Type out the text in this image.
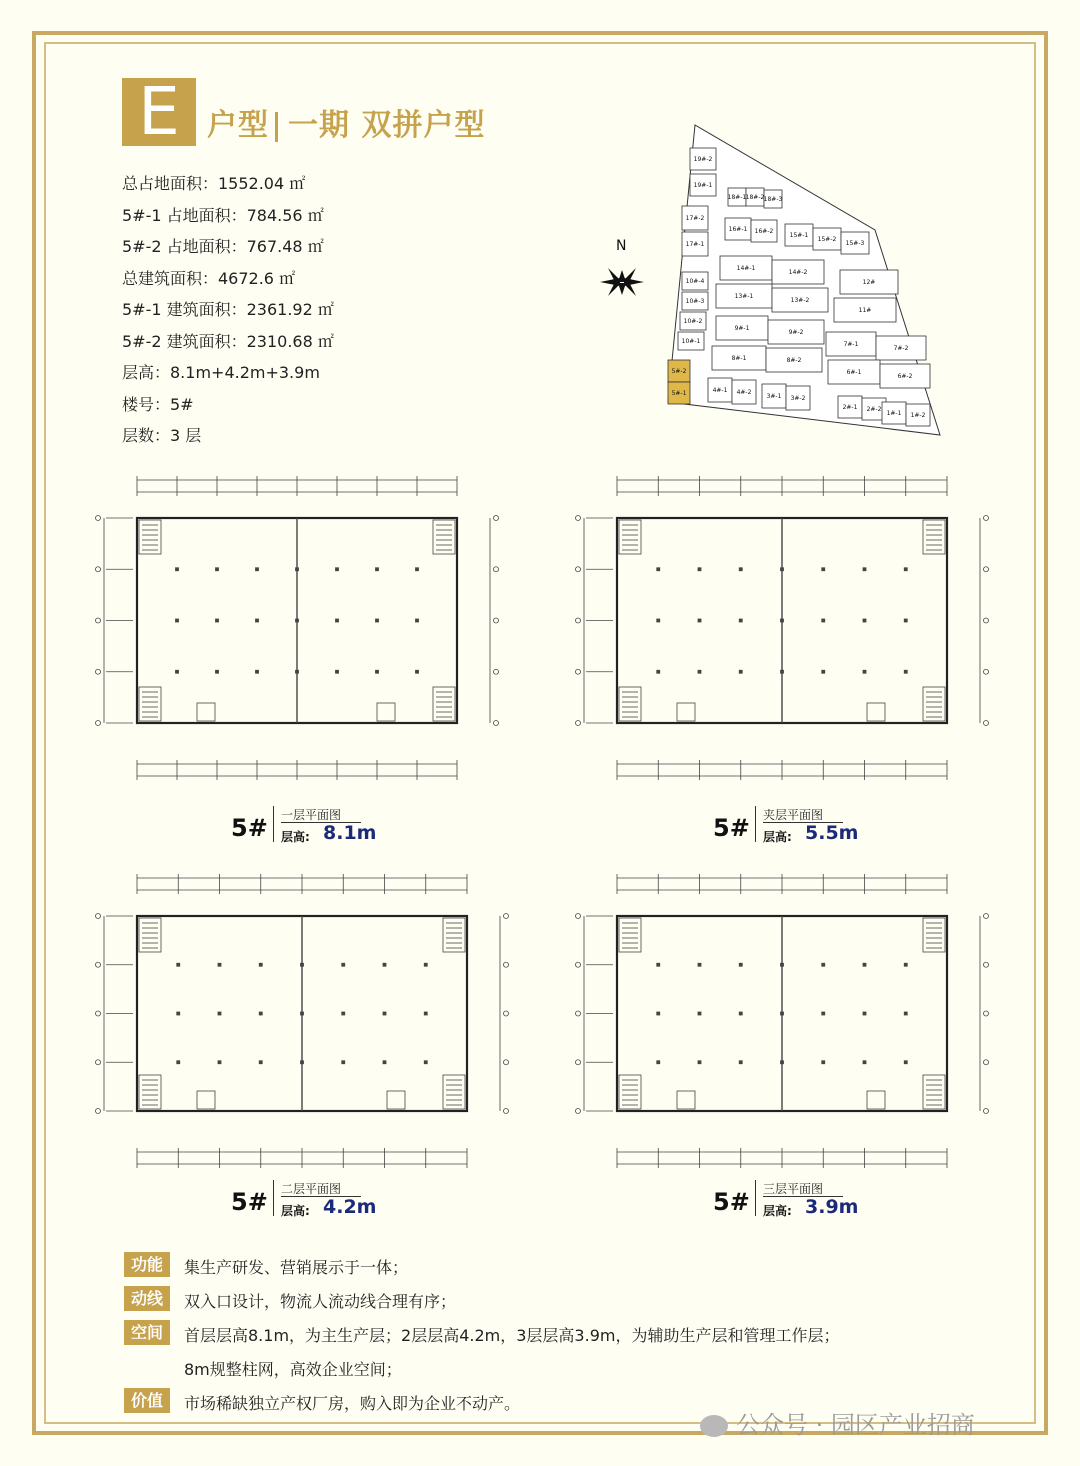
E 户型 一期 双拼户型
总占地面积：1552.04 ㎡
5#-1 占地面积：784.56 ㎡
5#-2 占地面积：767.48 ㎡
总建筑面积：4672.6 ㎡
5#-1 建筑面积：2361.92 ㎡
5#-2 建筑面积：2310.68 ㎡
层高：8.1m+4.2m+3.9m
楼号：5#
层数：3 层
N
19#-2
19#-1
18#-1 18#-2 18#-3
17#-2
17#-1
16#-1 16#-2
15#-1
15#-2
15#-3
10#-4
10#-3
10#-2
10#-1
14#-1
14#-2
12#
13#-1
13#-2
11#
9#-1
9#-2
7#-1
7#-2
8#-1	8#-2
6#-1
6#-2
4#-1 4#-2
3#-1 3#-2
2#-1 2#-2
1#-1 1#-2
5#-2
5#-1
5# 一层平面图
层高: 8.1m	5# 夹层平面图
层高: 5.5m
5# 二层平面图
层高: 4.2m	5# 三层平面图
层高: 3.9m
功能	集生产研发、营销展示于一体；
动线	双入口设计，物流人流动线合理有序；
空间	首层层高8.1m，为主生产层；2层层高4.2m，3层层高3.9m，为辅助生产层和管理工作层；
8m规整柱网，高效企业空间；
价值	市场稀缺独立产权厂房，购入即为企业不动产。
公众号 · 园区产业招商
